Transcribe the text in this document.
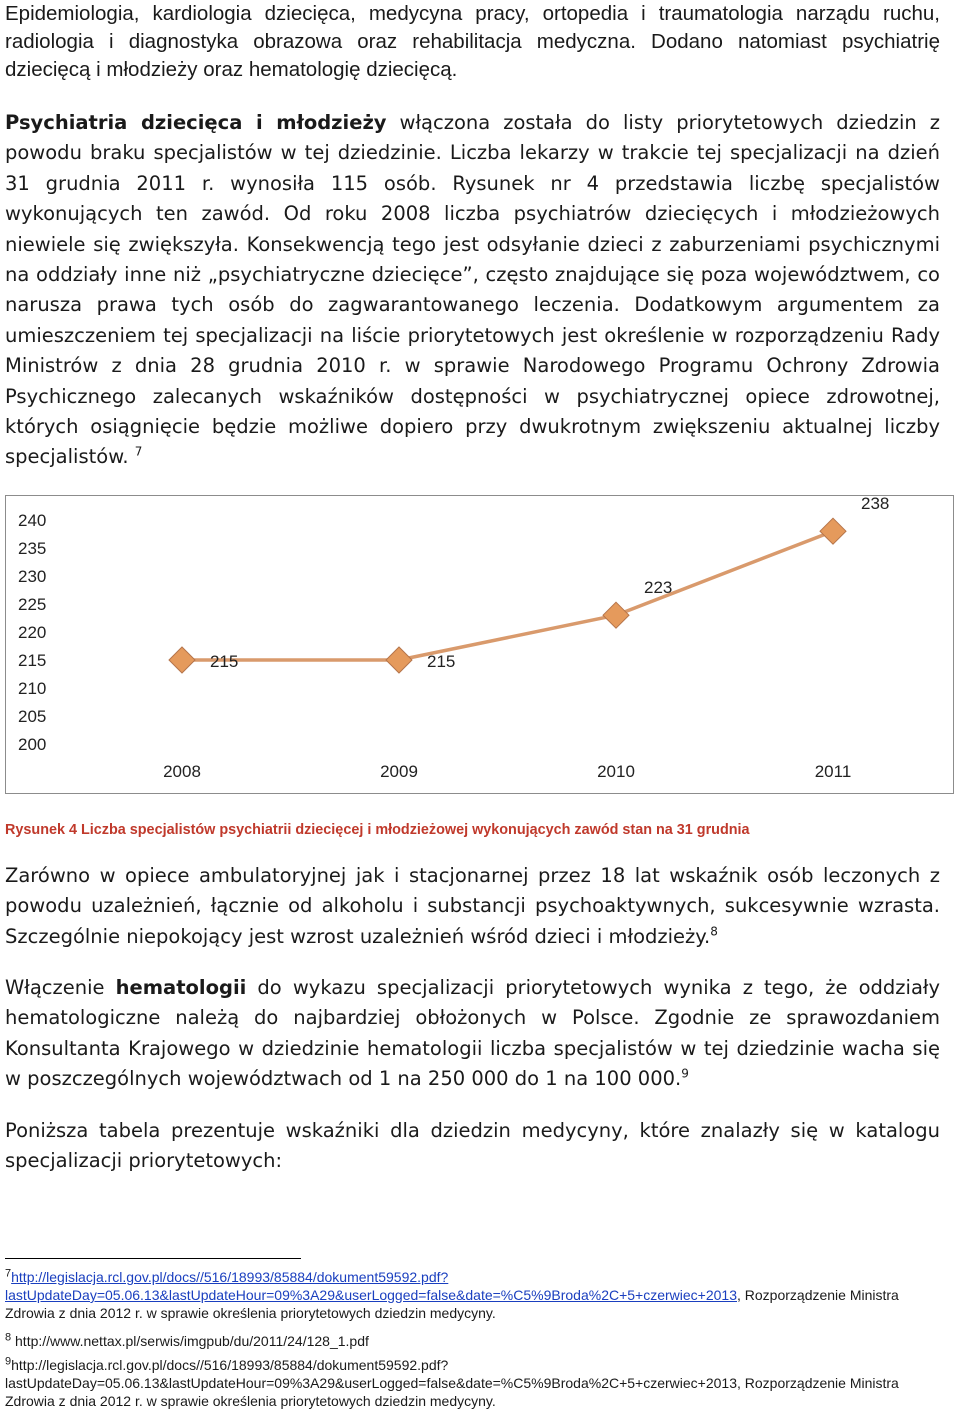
Epidemiologia, kardiologia dziecięca, medycyna pracy, ortopedia i traumatologia narządu ruchu, radiologia i diagnostyka obrazowa oraz rehabilitacja medyczna. Dodano natomiast psychiatrię dziecięcą i młodzieży oraz hematologię dziecięcą.

Psychiatria dziecięca i młodzieży włączona została do listy priorytetowych dziedzin z powodu braku specjalistów w tej dziedzinie. Liczba lekarzy w trakcie tej specjalizacji na dzień 31 grudnia 2011 r. wynosiła 115 osób. Rysunek nr 4 przedstawia liczbę specjalistów wykonujących ten zawód. Od roku 2008 liczba psychiatrów dziecięcych i młodzieżowych niewiele się zwiększyła. Konsekwencją tego jest odsyłanie dzieci z zaburzeniami psychicznymi na oddziały inne niż „psychiatryczne dziecięce”, często znajdujące się poza województwem, co narusza prawa tych osób do zagwarantowanego leczenia. Dodatkowym argumentem za umieszczeniem tej specjalizacji na liście priorytetowych jest określenie w rozporządzeniu Rady Ministrów z dnia 28 grudnia 2010 r. w sprawie Narodowego Programu Ochrony Zdrowia Psychicznego zalecanych wskaźników dostępności w psychiatrycznej opiece zdrowotnej, których osiągnięcie będzie możliwe dopiero przy dwukrotnym zwiększeniu aktualnej liczby specjalistów. $^7$

240
235
230
225
220
215
210
205
200
2008	2009	2010	2011
215	215
223
238

Rysunek 4 Liczba specjalistów psychiatrii dziecięcej i młodzieżowej wykonujących zawód stan na 31 grudnia

Zarówno w opiece ambulatoryjnej jak i stacjonarnej przez 18 lat wskaźnik osób leczonych z powodu uzależnień, łącznie od alkoholu i substancji psychoaktywnych, sukcesywnie wzrasta. Szczególnie niepokojący jest wzrost uzależnień wśród dzieci i młodzieży.$^8$

Włączenie hematologii do wykazu specjalizacji priorytetowych wynika z tego, że oddziały hematologiczne należą do najbardziej obłożonych w Polsce. Zgodnie ze sprawozdaniem Konsultanta Krajowego w dziedzinie hematologii liczba specjalistów w tej dziedzinie wacha się w poszczególnych województwach od 1 na 250 000 do 1 na 100 000.$^9$

Poniższa tabela prezentuje wskaźniki dla dziedzin medycyny, które znalazły się w katalogu specjalizacji priorytetowych:

$^7$http://legislacja.rcl.gov.pl/docs//516/18993/85884/dokument59592.pdf?lastUpdateDay=05.06.13&lastUpdateHour=09%3A29&userLogged=false&date=%C5%9Broda%2C+5+czerwiec+2013, Rozporządzenie Ministra Zdrowia z dnia 2012 r. w sprawie określenia priorytetowych dziedzin medycyny.

$^8$ http://www.nettax.pl/serwis/imgpub/du/2011/24/128_1.pdf

$^9$http://legislacja.rcl.gov.pl/docs//516/18993/85884/dokument59592.pdf?lastUpdateDay=05.06.13&lastUpdateHour=09%3A29&userLogged=false&date=%C5%9Broda%2C+5+czerwiec+2013, Rozporządzenie Ministra Zdrowia z dnia 2012 r. w sprawie określenia priorytetowych dziedzin medycyny.
